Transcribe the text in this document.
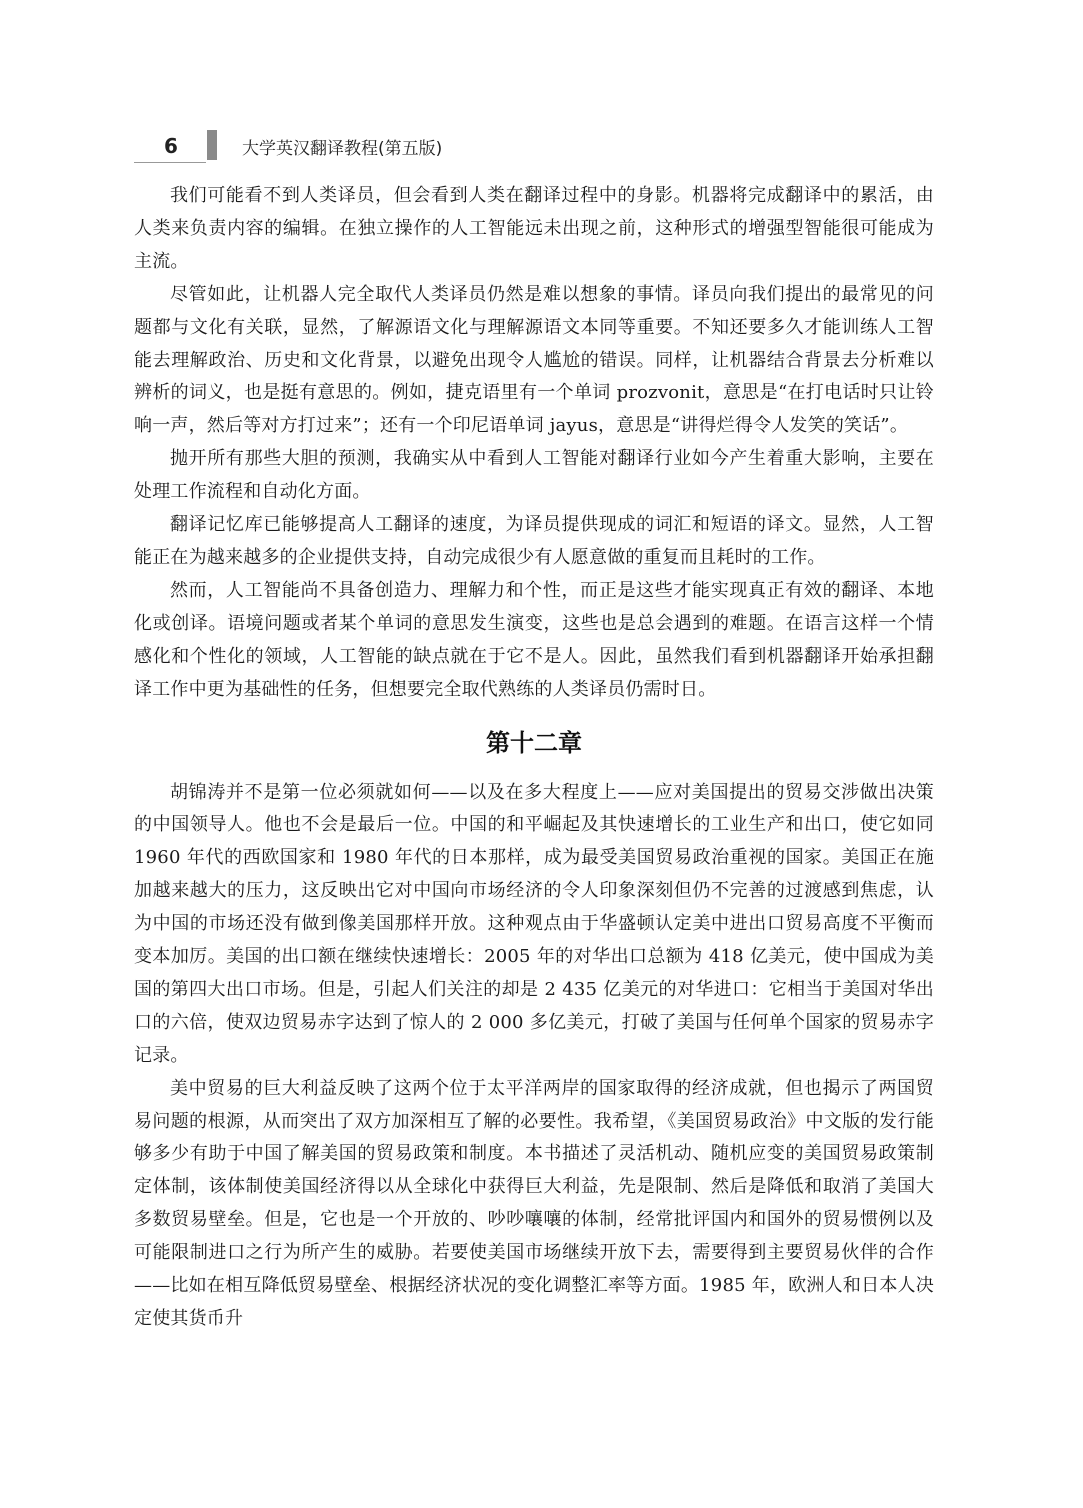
6	大学英汉翻译教程(第五版)

我们可能看不到人类译员，但会看到人类在翻译过程中的身影。机器将完成翻译中的累活，由人类来负责内容的编辑。在独立操作的人工智能远未出现之前，这种形式的增强型智能很可能成为主流。

尽管如此，让机器人完全取代人类译员仍然是难以想象的事情。译员向我们提出的最常见的问题都与文化有关联，显然，了解源语文化与理解源语文本同等重要。不知还要多久才能训练人工智能去理解政治、历史和文化背景，以避免出现令人尴尬的错误。同样，让机器结合背景去分析难以辨析的词义，也是挺有意思的。例如，捷克语里有一个单词 prozvonit，意思是“在打电话时只让铃响一声，然后等对方打过来”；还有一个印尼语单词 jayus，意思是“讲得烂得令人发笑的笑话”。

抛开所有那些大胆的预测，我确实从中看到人工智能对翻译行业如今产生着重大影响，主要在处理工作流程和自动化方面。

翻译记忆库已能够提高人工翻译的速度，为译员提供现成的词汇和短语的译文。显然，人工智能正在为越来越多的企业提供支持，自动完成很少有人愿意做的重复而且耗时的工作。

然而，人工智能尚不具备创造力、理解力和个性，而正是这些才能实现真正有效的翻译、本地化或创译。语境问题或者某个单词的意思发生演变，这些也是总会遇到的难题。在语言这样一个情感化和个性化的领域，人工智能的缺点就在于它不是人。因此，虽然我们看到机器翻译开始承担翻译工作中更为基础性的任务，但想要完全取代熟练的人类译员仍需时日。

第十二章

胡锦涛并不是第一位必须就如何——以及在多大程度上——应对美国提出的贸易交涉做出决策的中国领导人。他也不会是最后一位。中国的和平崛起及其快速增长的工业生产和出口，使它如同 1960 年代的西欧国家和 1980 年代的日本那样，成为最受美国贸易政治重视的国家。美国正在施加越来越大的压力，这反映出它对中国向市场经济的令人印象深刻但仍不完善的过渡感到焦虑，认为中国的市场还没有做到像美国那样开放。这种观点由于华盛顿认定美中进出口贸易高度不平衡而变本加厉。美国的出口额在继续快速增长：2005 年的对华出口总额为 418 亿美元，使中国成为美国的第四大出口市场。但是，引起人们关注的却是 2 435 亿美元的对华进口：它相当于美国对华出口的六倍，使双边贸易赤字达到了惊人的 2 000 多亿美元，打破了美国与任何单个国家的贸易赤字记录。

美中贸易的巨大利益反映了这两个位于太平洋两岸的国家取得的经济成就，但也揭示了两国贸易问题的根源，从而突出了双方加深相互了解的必要性。我希望，《美国贸易政治》中文版的发行能够多少有助于中国了解美国的贸易政策和制度。本书描述了灵活机动、随机应变的美国贸易政策制定体制，该体制使美国经济得以从全球化中获得巨大利益，先是限制、然后是降低和取消了美国大多数贸易壁垒。但是，它也是一个开放的、吵吵嚷嚷的体制，经常批评国内和国外的贸易惯例以及可能限制进口之行为所产生的威胁。若要使美国市场继续开放下去，需要得到主要贸易伙伴的合作——比如在相互降低贸易壁垒、根据经济状况的变化调整汇率等方面。1985 年，欧洲人和日本人决定使其货币升
